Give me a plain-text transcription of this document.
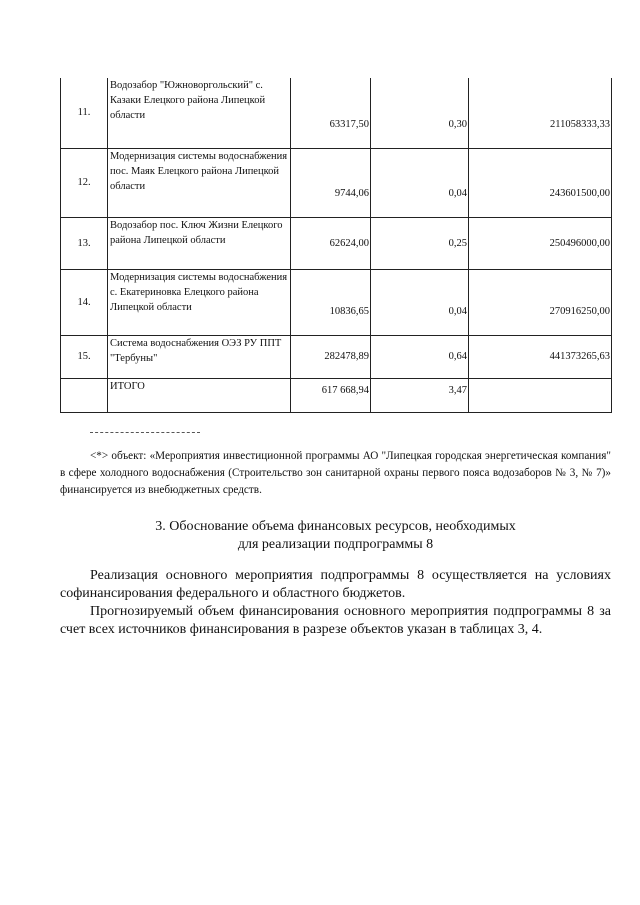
11.	Водозабор "Южноворгольский" с. Казаки Елецкого района Липецкой области	63317,50	0,30	211058333,33
12.	Модернизация системы водоснабжения пос. Маяк Елецкого района Липецкой области	9744,06	0,04	243601500,00
13.	Водозабор пос. Ключ Жизни Елецкого района Липецкой области	62624,00	0,25	250496000,00
14.	Модернизация системы водоснабжения с. Екатериновка Елецкого района Липецкой области	10836,65	0,04	270916250,00
15.	Система водоснабжения ОЭЗ РУ ППТ "Тербуны"	282478,89	0,64	441373265,63
	ИТОГО	617 668,94	3,47	
<*> объект: «Мероприятия инвестиционной программы АО "Липецкая городская энергетическая компания" в сфере холодного водоснабжения (Строительство зон санитарной охраны первого пояса водозаборов № 3, № 7)» финансируется из внебюджетных средств.
3. Обоснование объема финансовых ресурсов, необходимых
для реализации подпрограммы 8
Реализация основного мероприятия подпрограммы 8 осуществляется на условиях софинансирования федерального и областного бюджетов.
Прогнозируемый объем финансирования основного мероприятия подпрограммы 8 за счет всех источников финансирования в разрезе объектов указан в таблицах 3, 4.
